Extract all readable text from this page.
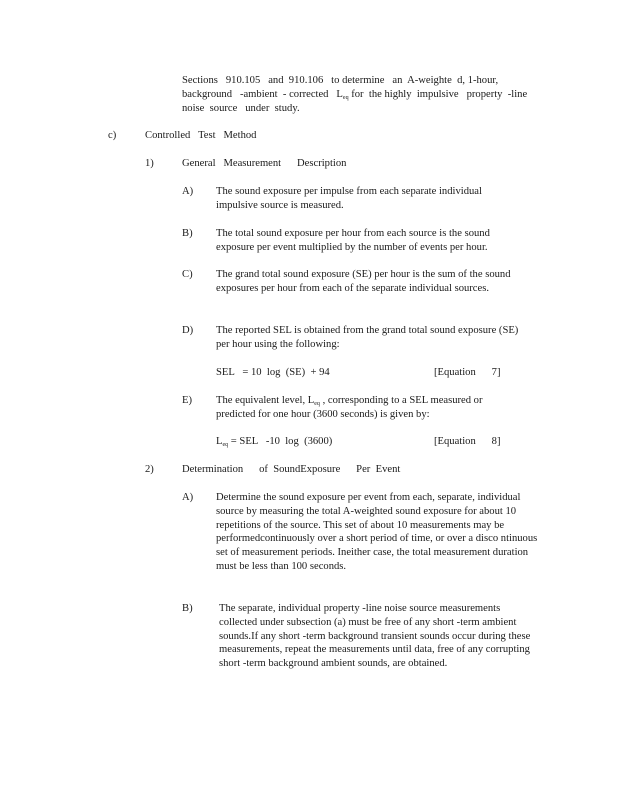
Sections   910.105   and  910.106   to determine   an  A-weighte  d, 1-hour,
background   -ambient  - corrected   $L_{eq}$ for  the highly  impulsive   property  -line
noise  source   under  study.
c)	Controlled   Test   Method
1)	General   Measurement      Description
A) The sound exposure per impulse from each separate individual impulsive source is measured.
B) The total sound exposure per hour from each source is the sound exposure per event multiplied by the number of events per hour.
C) The grand total sound exposure (SE) per hour is the sum of the sound exposures per hour from each of the separate individual sources.
D) The reported SEL is obtained from the grand total sound exposure (SE) per hour using the following:
SEL   = 10  log  (SE)  + 94	[Equation      7]
E) The equivalent level, $L_{eq}$ , corresponding to a SEL measured or predicted for one hour (3600 seconds) is given by:
$L_{eq}$ = SEL   -10  log  (3600)	[Equation      8]
2)	Determination      of  SoundExposure      Per  Event
A) Determine the sound exposure per event from each, separate, individual source by measuring the total A-weighted sound exposure for about 10 repetitions of the source. This set of about 10 measurements may be performedcontinuously over a short period of time, or over a disco ntinuous set of measurement periods. Ineither case, the total measurement duration must be less than 100 seconds.
B) The separate, individual property -line noise source measurements collected under subsection (a) must be free of any short -term ambient sounds.If any short -term background transient sounds occur during these measurements, repeat the measurements until data, free of any corrupting short -term background ambient sounds, are obtained.
